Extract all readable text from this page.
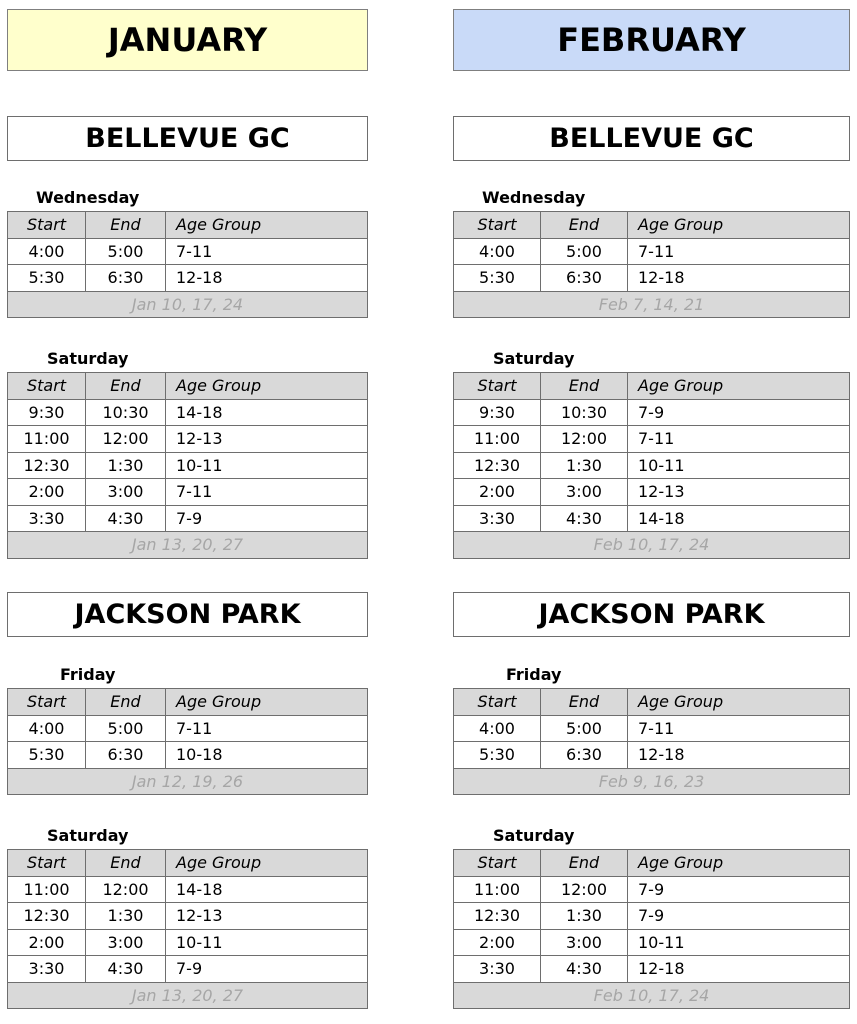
JANUARY
BELLEVUE GC
Wednesday
Start	End	Age Group
4:00	5:00	7-11
5:30	6:30	12-18
Jan 10, 17, 24		
Saturday
Start	End	Age Group
9:30	10:30	14-18
11:00	12:00	12-13
12:30	1:30	10-11
2:00	3:00	7-11
3:30	4:30	7-9
Jan 13, 20, 27		
JACKSON PARK
Friday
Start	End	Age Group
4:00	5:00	7-11
5:30	6:30	10-18
Jan 12, 19, 26		
Saturday
Start	End	Age Group
11:00	12:00	14-18
12:30	1:30	12-13
2:00	3:00	10-11
3:30	4:30	7-9
Jan 13, 20, 27		
FEBRUARY
BELLEVUE GC
Wednesday
Start	End	Age Group
4:00	5:00	7-11
5:30	6:30	12-18
Feb 7, 14, 21		
Saturday
Start	End	Age Group
9:30	10:30	7-9
11:00	12:00	7-11
12:30	1:30	10-11
2:00	3:00	12-13
3:30	4:30	14-18
Feb 10, 17, 24		
JACKSON PARK
Friday
Start	End	Age Group
4:00	5:00	7-11
5:30	6:30	12-18
Feb 9, 16, 23		
Saturday
Start	End	Age Group
11:00	12:00	7-9
12:30	1:30	7-9
2:00	3:00	10-11
3:30	4:30	12-18
Feb 10, 17, 24		
